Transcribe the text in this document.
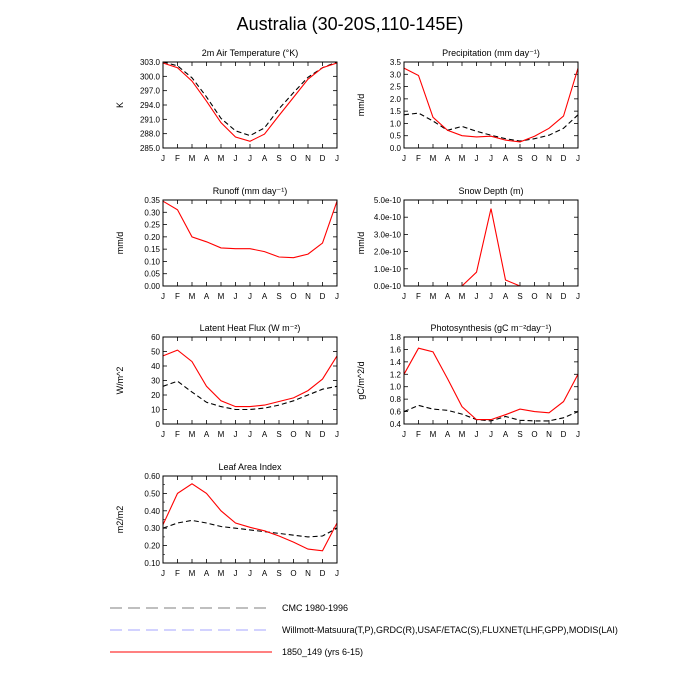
Australia (30-20S,110-145E)
2m Air Temperature (°K)
K
285.0
288.0
291.0
294.0
297.0
300.0
303.0
J F M A M J J A S O N D J
Precipitation (mm day⁻¹)
mm/d
0.0
0.5
1.0
1.5
2.0
2.5
3.0
3.5
J F M A M J J A S O N D J
Runoff (mm day⁻¹)
mm/d
0.00
0.05
0.10
0.15
0.20
0.25
0.30
0.35
J F M A M J J A S O N D J
Snow Depth (m)
mm/d
0.0e-10
1.0e-10
2.0e-10
3.0e-10
4.0e-10
5.0e-10
J F M A M J J A S O N D J
Latent Heat Flux (W m⁻²)
W/m^2
0
10
20
30
40
50
60
J F M A M J J A S O N D J
Photosynthesis (gC m⁻²day⁻¹)
gC/m^2/d
0.4
0.6
0.8
1.0
1.2
1.4
1.6
1.8
J F M A M J J A S O N D J
Leaf Area Index
m2/m2
0.10
0.20
0.30
0.40
0.50
0.60
J F M A M J J A S O N D J
CMC 1980-1996
Willmott-Matsuura(T,P),GRDC(R),USAF/ETAC(S),FLUXNET(LHF,GPP),MODIS(LAI)
1850_149 (yrs 6-15)
